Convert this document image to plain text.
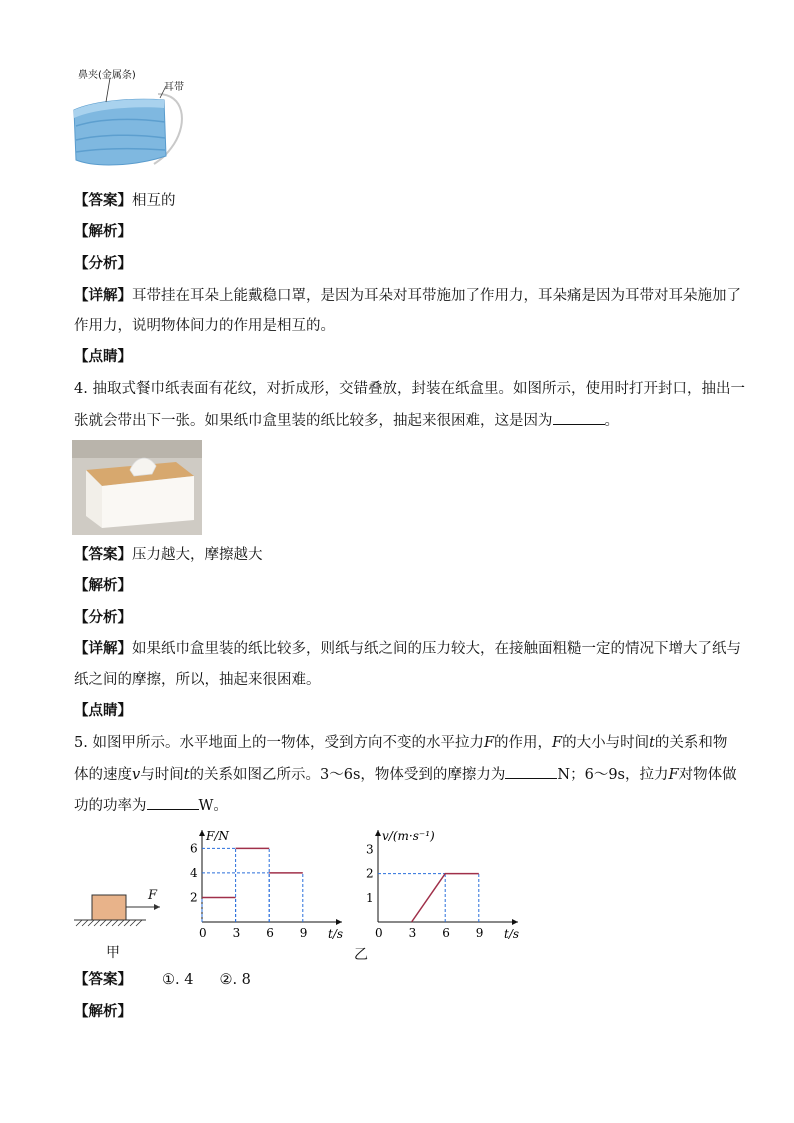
鼻夹(金属条)
耳带
【答案】相互的
【解析】
【分析】
【详解】耳带挂在耳朵上能戴稳口罩，是因为耳朵对耳带施加了作用力，耳朵痛是因为耳带对耳朵施加了
作用力，说明物体间力的作用是相互的。
【点睛】
4. 抽取式餐巾纸表面有花纹，对折成形，交错叠放，封装在纸盒里。如图所示，使用时打开封口，抽出一
张就会带出下一张。如果纸巾盒里装的纸比较多，抽起来很困难，这是因为	。
【答案】压力越大，摩擦越大
【解析】
【分析】
【详解】如果纸巾盒里装的纸比较多，则纸与纸之间的压力较大，在接触面粗糙一定的情况下增大了纸与
纸之间的摩擦，所以，抽起来很困难。
【点睛】
5. 如图甲所示。水平地面上的一物体，受到方向不变的水平拉力F的作用，F的大小与时间t的关系和物
体的速度v与时间t的关系如图乙所示。3～6s，物体受到的摩擦力为	N；6～9s，拉力F对物体做
功的功率为	W。
F
甲
F/N
t/s
0 3 6 9
2
4
6
v/(m·s⁻¹)
t/s
0 3 6 9
1
2
3
乙
【答案】 ①. 4 ②. 8
【解析】
